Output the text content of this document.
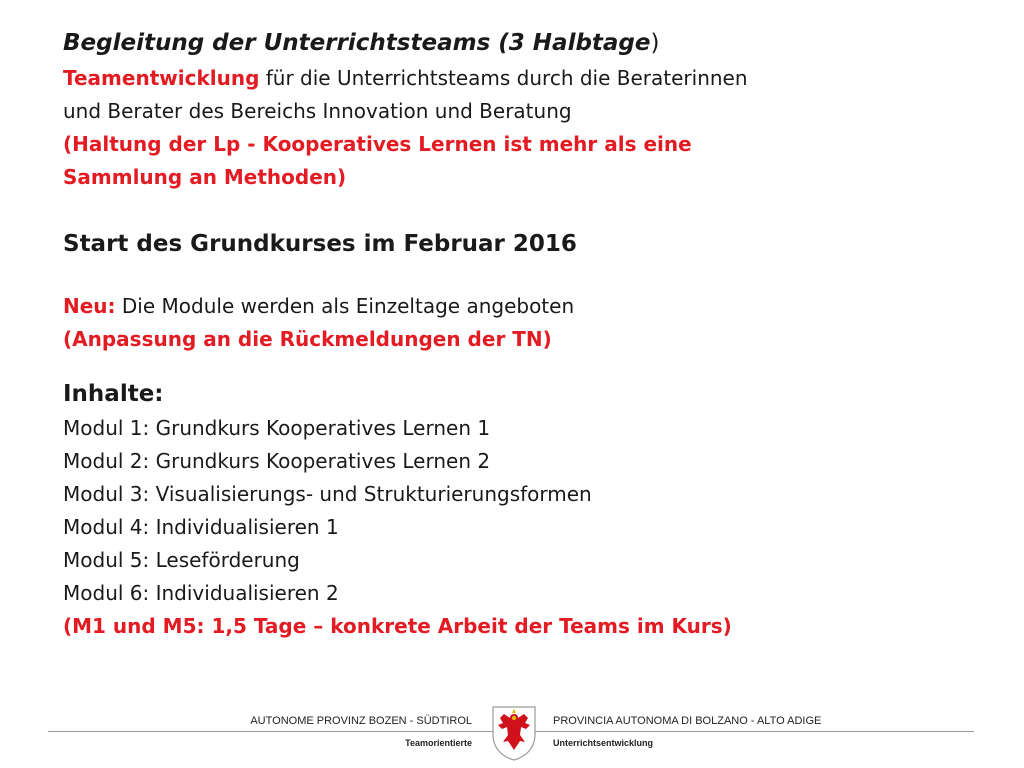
Begleitung der Unterrichtsteams (3 Halbtage)
Teamentwicklung für die Unterrichtsteams durch die Beraterinnen
und Berater des Bereichs Innovation und Beratung
(Haltung der Lp - Kooperatives Lernen ist mehr als eine
Sammlung an Methoden)
Start des Grundkurses im Februar 2016
Neu: Die Module werden als Einzeltage angeboten
(Anpassung an die Rückmeldungen der TN)
Inhalte:
Modul 1: Grundkurs Kooperatives Lernen 1
Modul 2: Grundkurs Kooperatives Lernen 2
Modul 3: Visualisierungs- und Strukturierungsformen
Modul 4: Individualisieren 1
Modul 5: Leseförderung
Modul 6: Individualisieren 2
(M1 und M5: 1,5 Tage – konkrete Arbeit der Teams im Kurs)
AUTONOME PROVINZ BOZEN - SÜDTIROL
Teamorientierte
PROVINCIA AUTONOMA DI BOLZANO - ALTO ADIGE
Unterrichtsentwicklung
